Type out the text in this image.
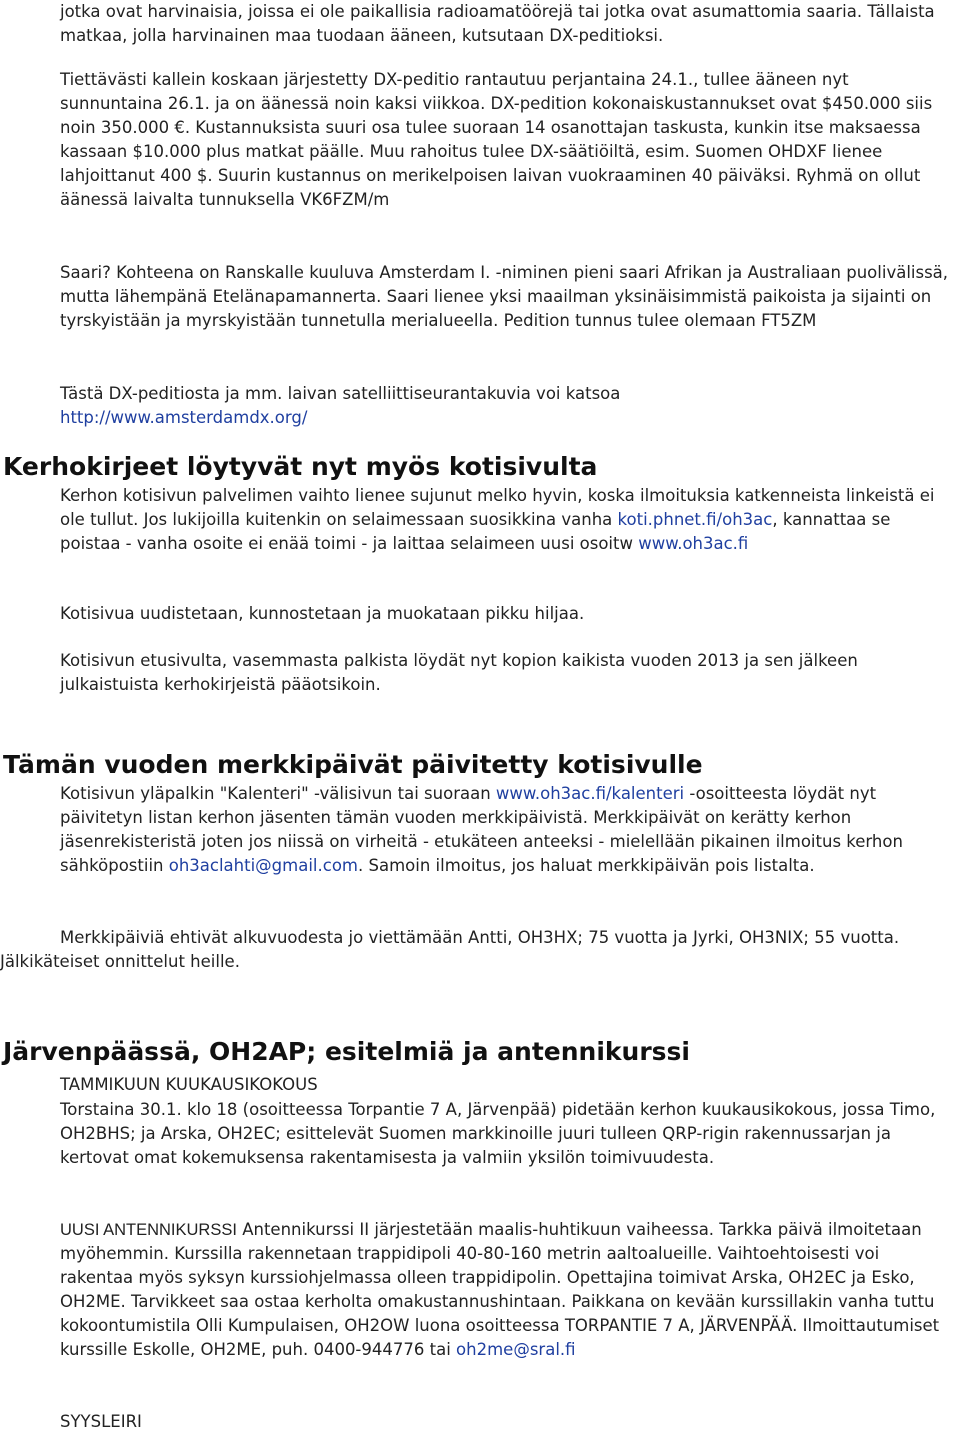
jotka ovat harvinaisia, joissa ei ole paikallisia radioamatöörejä tai jotka ovat asumattomia saaria. Tällaista matkaa, jolla harvinainen maa tuodaan ääneen, kutsutaan DX-peditioksi.

Tiettävästi kallein koskaan järjestetty DX-peditio rantautuu perjantaina 24.1., tullee ääneen nyt sunnuntaina 26.1. ja on äänessä noin kaksi viikkoa. DX-pedition kokonaiskustannukset ovat $450.000 siis noin 350.000 €. Kustannuksista suuri osa tulee suoraan 14 osanottajan taskusta, kunkin itse maksaessa kassaan $10.000 plus matkat päälle. Muu rahoitus tulee DX-säätiöiltä, esim. Suomen OHDXF lienee lahjoittanut 400 $. Suurin kustannus on merikelpoisen laivan vuokraaminen 40 päiväksi. Ryhmä on ollut äänessä laivalta tunnuksella VK6FZM/m

Saari? Kohteena on Ranskalle kuuluva Amsterdam I. -niminen pieni saari Afrikan ja Australiaan puolivälissä, mutta lähempänä Etelänapamannerta. Saari lienee yksi maailman yksinäisimmistä paikoista ja sijainti on tyrskyistään ja myrskyistään tunnetulla merialueella. Pedition tunnus tulee olemaan FT5ZM

Tästä DX-peditiosta ja mm. laivan satelliittiseurantakuvia voi katsoa
http://www.amsterdamdx.org/

Kerhokirjeet löytyvät nyt myös kotisivulta

Kerhon kotisivun palvelimen vaihto lienee sujunut melko hyvin, koska ilmoituksia katkenneista linkeistä ei ole tullut. Jos lukijoilla kuitenkin on selaimessaan suosikkina vanha koti.phnet.fi/oh3ac, kannattaa se poistaa - vanha osoite ei enää toimi - ja laittaa selaimeen uusi osoitw www.oh3ac.fi

Kotisivua uudistetaan, kunnostetaan ja muokataan pikku hiljaa.

Kotisivun etusivulta, vasemmasta palkista löydät nyt kopion kaikista vuoden 2013 ja sen jälkeen julkaistuista kerhokirjeistä pääotsikoin.

Tämän vuoden merkkipäivät päivitetty kotisivulle

Kotisivun yläpalkin "Kalenteri" -välisivun tai suoraan www.oh3ac.fi/kalenteri -osoitteesta löydät nyt päivitetyn listan kerhon jäsenten tämän vuoden merkkipäivistä. Merkkipäivät on kerätty kerhon jäsenrekisteristä joten jos niissä on virheitä - etukäteen anteeksi - mielellään pikainen ilmoitus kerhon sähköpostiin oh3aclahti@gmail.com. Samoin ilmoitus, jos haluat merkkipäivän pois listalta.

Merkkipäiviä ehtivät alkuvuodesta jo viettämään Antti, OH3HX; 75 vuotta ja Jyrki, OH3NIX; 55 vuotta. Jälkikäteiset onnittelut heille.

Järvenpäässä, OH2AP; esitelmiä ja antennikurssi

TAMMIKUUN KUUKAUSIKOKOUS

Torstaina 30.1. klo 18 (osoitteessa Torpantie 7 A, Järvenpää) pidetään kerhon kuukausikokous, jossa Timo, OH2BHS; ja Arska, OH2EC; esittelevät Suomen markkinoille juuri tulleen QRP-rigin rakennussarjan ja kertovat omat kokemuksensa rakentamisesta ja valmiin yksilön toimivuudesta.

UUSI ANTENNIKURSSI Antennikurssi II järjestetään maalis-huhtikuun vaiheessa. Tarkka päivä ilmoitetaan myöhemmin. Kurssilla rakennetaan trappidipoli 40-80-160 metrin aaltoalueille. Vaihtoehtoisesti voi rakentaa myös syksyn kurssiohjelmassa olleen trappidipolin. Opettajina toimivat Arska, OH2EC ja Esko, OH2ME. Tarvikkeet saa ostaa kerholta omakustannushintaan. Paikkana on kevään kurssillakin vanha tuttu kokoontumistila Olli Kumpulaisen, OH2OW luona osoitteessa TORPANTIE 7 A, JÄRVENPÄÄ. Ilmoittautumiset kurssille Eskolle, OH2ME, puh. 0400-944776 tai oh2me@sral.fi

SYYSLEIRI
